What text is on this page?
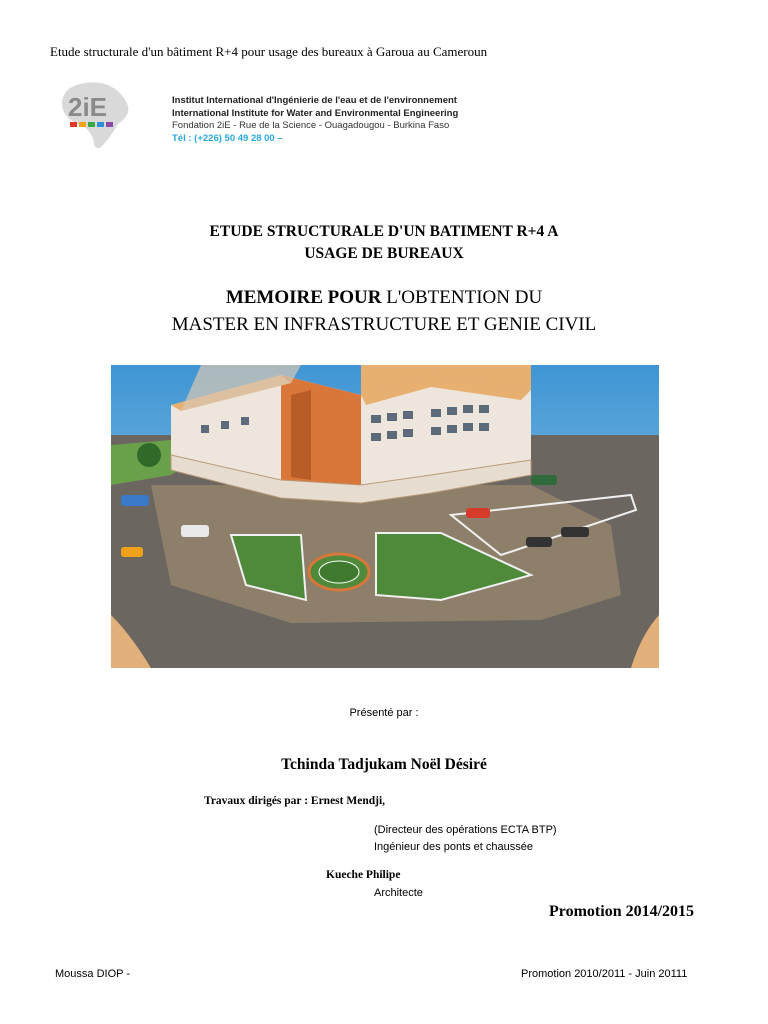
Etude structurale d'un bâtiment R+4 pour usage des bureaux à Garoua au Cameroun
2iE	Institut International d'Ingénierie de l'eau et de l'environnement
International Institute for Water and Environmental Engineering
Fondation 2iE - Rue de la Science - Ouagadougou - Burkina Faso
Tél : (+226) 50 49 28 00 –
ETUDE STRUCTURALE D'UN BATIMENT R+4 A
USAGE DE BUREAUX
MEMOIRE POUR L'OBTENTION DU
MASTER EN INFRASTRUCTURE ET GENIE CIVIL
Présenté par :
Tchinda Tadjukam Noël Désiré
Travaux dirigés par : Ernest Mendji,
(Directeur des opérations ECTA BTP)
Ingénieur des ponts et chaussée
Kueche Philipe
Architecte
Promotion 2014/2015
Moussa DIOP -	Promotion 2010/2011 - Juin 20111
